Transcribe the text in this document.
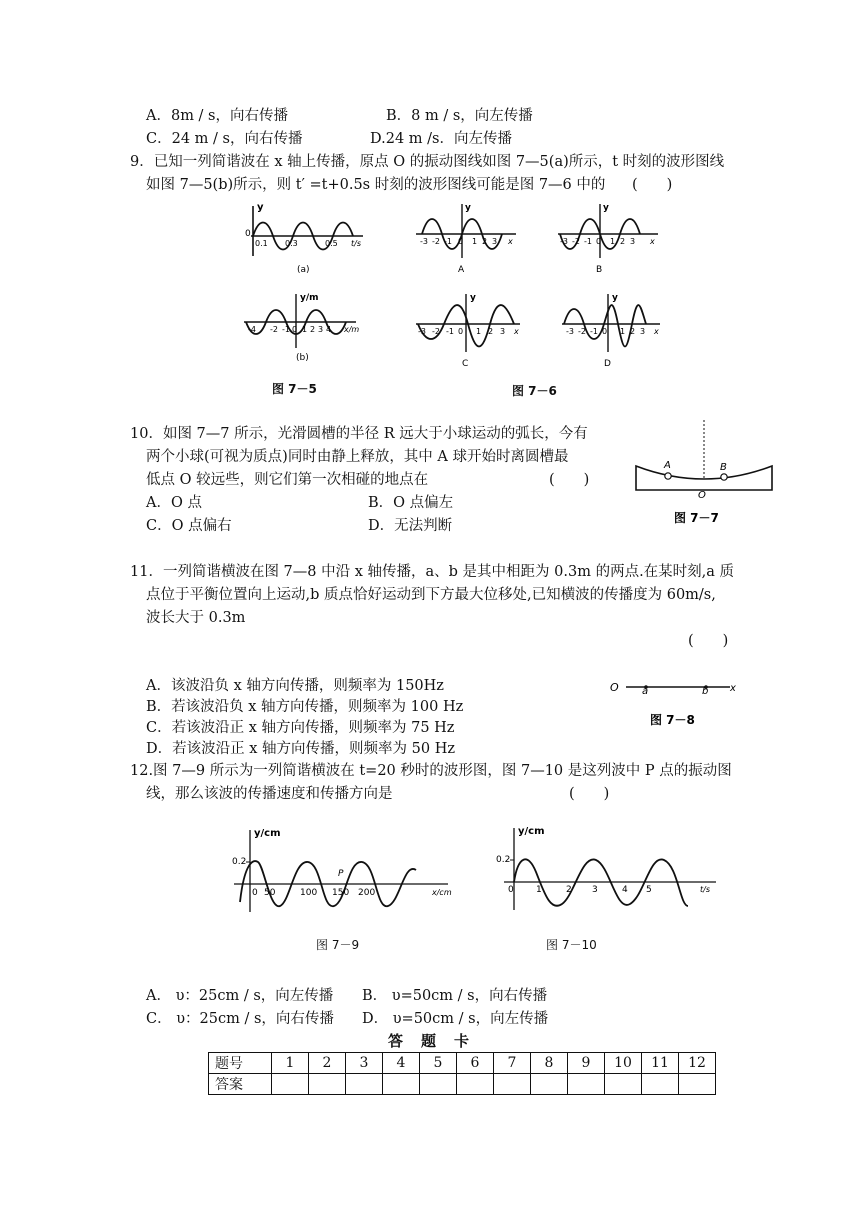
A．8m / s，向右传播	B．8 m / s，向左传播
C．24 m / s，向右传播	D.24 m /s．向左传播
9．已知一列简谐波在 x 轴上传播，原点 O 的振动图线如图 7—5(a)所示，t 时刻的波形图线
如图 7—5(b)所示，则 t′ =t+0.5s 时刻的波形图线可能是图 7—6 中的 (　　)
y
0
0.1 0.3	0.5 t/s
(a)
y
-3 -2 -1 0 1 2 3 x
A
y
-3 -2 -1 0 1 2 3 x
B
y/m
-4 -2 -1 0 1 2 3 4 x/m
(b)
y
-3 -2 -1 0 1 2 3 x
C
y
-3 -2 -1 0 1 2 3 x
D
图 7－5	图 7－6
10．如图 7—7 所示，光滑圆槽的半径 R 远大于小球运动的弧长，今有
两个小球(可视为质点)同时由静上释放，其中 A 球开始时离圆槽最
低点 O 较远些，则它们第一次相碰的地点在	(　　)
A．O 点	B．O 点偏左
C．O 点偏右	D．无法判断
A	B
O
图 7－7
11．一列简谐横波在图 7—8 中沿 x 轴传播，a、b 是其中相距为 0.3m 的两点.在某时刻,a 质
点位于平衡位置向上运动,b 质点恰好运动到下方最大位移处,已知横波的传播度为 60m/s,
波长大于 0.3m
(　　)
A．该波沿负 x 轴方向传播，则频率为 150Hz
B．若该波沿负 x 轴方向传播，则频率为 100 Hz
C．若该波沿正 x 轴方向传播，则频率为 75 Hz
D．若该波沿正 x 轴方向传播，则频率为 50 Hz
O a	b x
图 7－8
12.图 7—9 所示为一列简谐横波在 t=20 秒时的波形图，图 7—10 是这列波中 P 点的振动图
线，那么该波的传播速度和传播方向是	(　　)
y/cm
0.2
0 50	100 150 200	x/cm
P
图 7－9
y/cm
0.2
0 1	2 3	4 5	t/s
图 7－10
A． υ：25cm / s，向左传播 B． υ=50cm / s，向右传播
C． υ：25cm / s，向右传播 D． υ=50cm / s，向左传播
答题卡
题号	1	2	3	4	5	6	7	8	9	10	11	12
答案												
